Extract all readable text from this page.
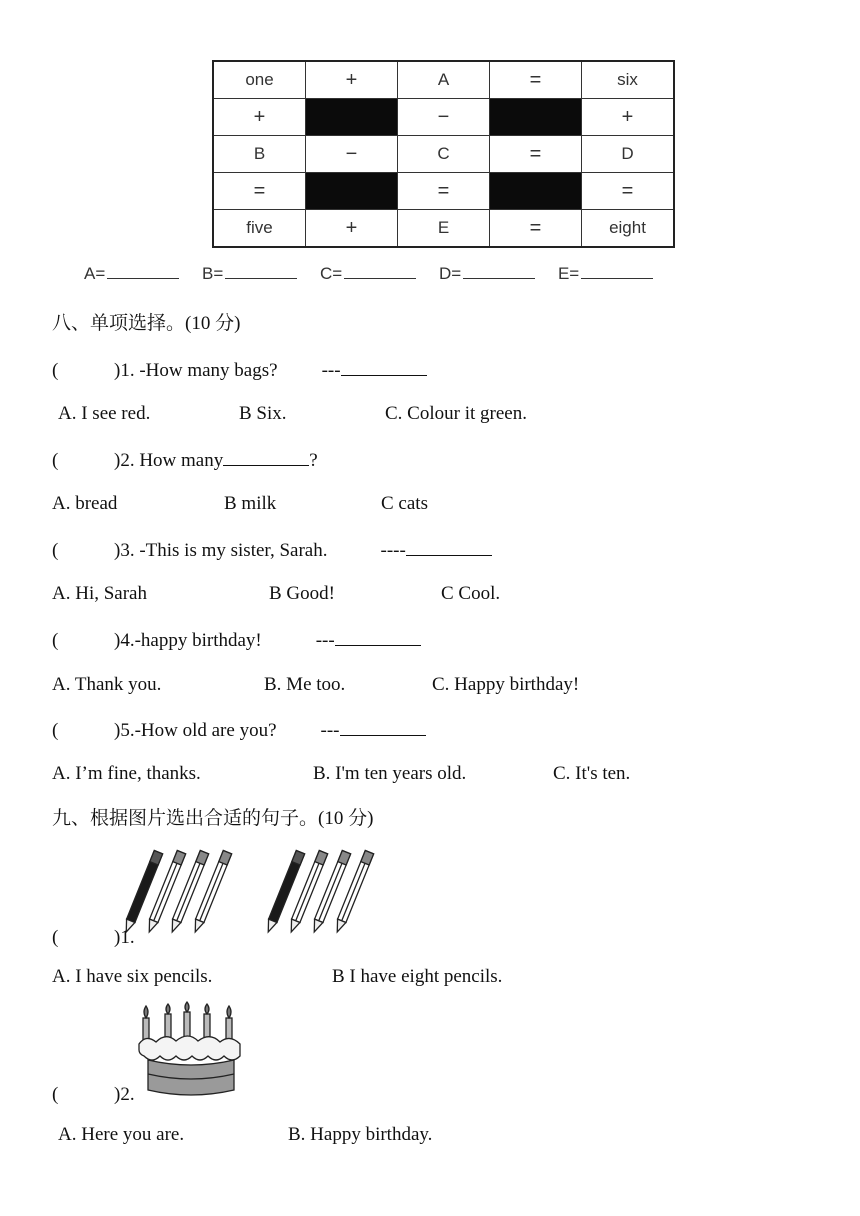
one	+	A	=	six
+		−		+
B	−	C	=	D
=		=		=
five	+	E	=	eight
A=	B=	C=	D=	E=
八、单项选择。(10 分)
(	)1. -How many bags? ---
A. I see red.	B Six.	C. Colour it green.
(	)2. How many	?
A. bread	B milk	C cats
(	)3. -This is my sister, Sarah.	----
A. Hi, Sarah	B Good!	C Cool.
(	)4.-happy birthday!	---
A. Thank you.	B. Me too.	C. Happy birthday!
(	)5.-How old are you? ---
A. I’m fine, thanks.	B. I'm ten years old.	C. It's ten.
九、根据图片选出合适的句子。(10 分)
(	)1.
A. I have six pencils.	B I have eight pencils.
(	)2.
A. Here you are.	B. Happy birthday.
